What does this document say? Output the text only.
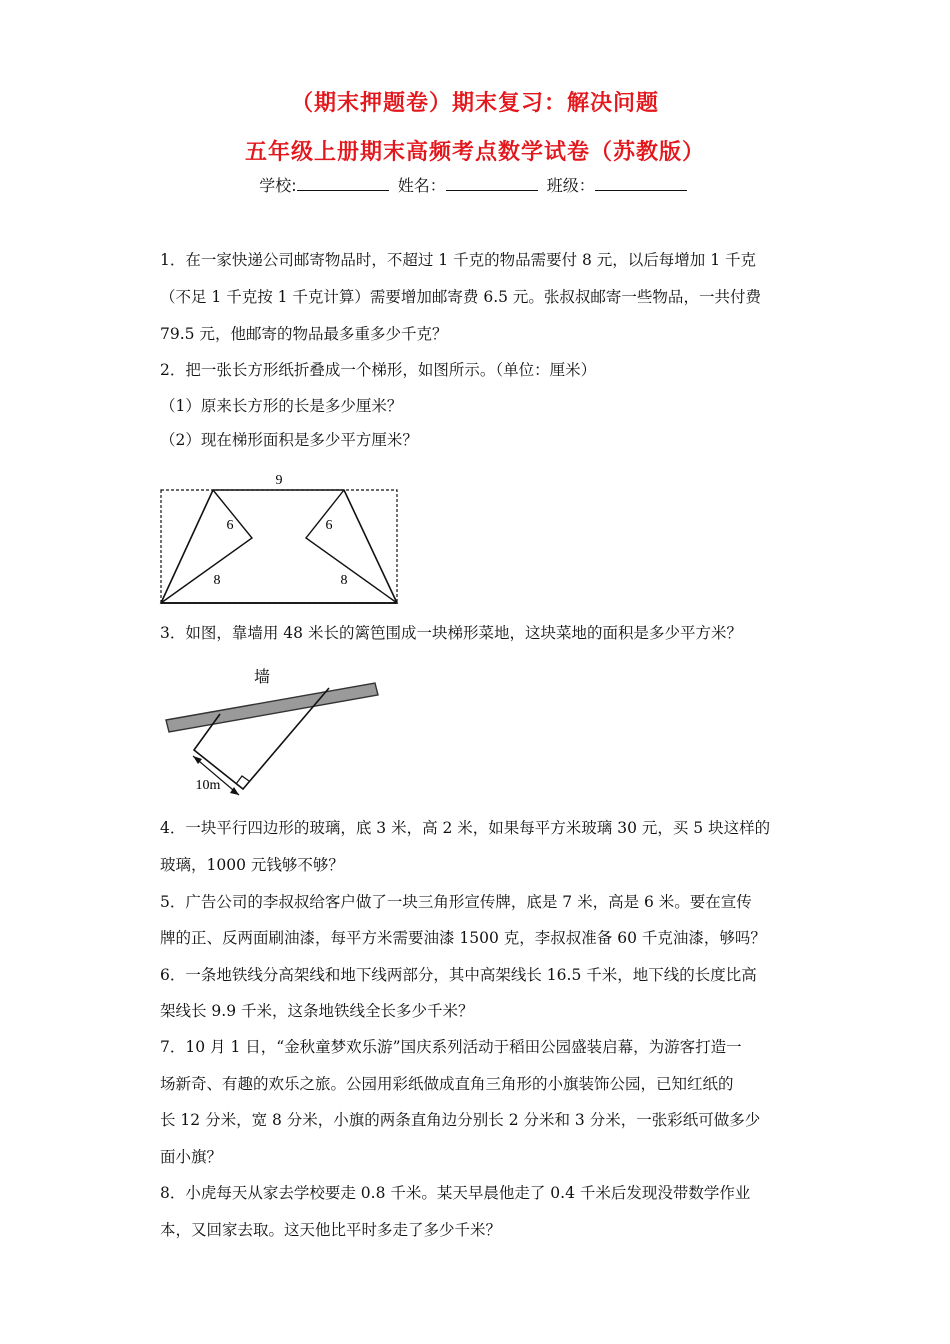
（期末押题卷）期末复习：解决问题
五年级上册期末高频考点数学试卷（苏教版）
学校:	姓名：	班级：
1．在一家快递公司邮寄物品时，不超过 1 千克的物品需要付 8 元，以后每增加 1 千克
（不足 1 千克按 1 千克计算）需要增加邮寄费 6.5 元。张叔叔邮寄一些物品，一共付费
79.5 元，他邮寄的物品最多重多少千克？
2．把一张长方形纸折叠成一个梯形，如图所示。（单位：厘米）
（1）原来长方形的长是多少厘米？
（2）现在梯形面积是多少平方厘米？
9
6
8
6
8
3．如图，靠墙用 48 米长的篱笆围成一块梯形菜地，这块菜地的面积是多少平方米？
墙
10m
4．一块平行四边形的玻璃，底 3 米，高 2 米，如果每平方米玻璃 30 元，买 5 块这样的
玻璃，1000 元钱够不够？
5．广告公司的李叔叔给客户做了一块三角形宣传牌，底是 7 米，高是 6 米。要在宣传
牌的正、反两面刷油漆，每平方米需要油漆 1500 克，李叔叔准备 60 千克油漆，够吗？
6．一条地铁线分高架线和地下线两部分，其中高架线长 16.5 千米，地下线的长度比高
架线长 9.9 千米，这条地铁线全长多少千米？
7．10 月 1 日，“金秋童梦欢乐游”国庆系列活动于稻田公园盛装启幕，为游客打造一
场新奇、有趣的欢乐之旅。公园用彩纸做成直角三角形的小旗装饰公园，已知红纸的
长 12 分米，宽 8 分米，小旗的两条直角边分别长 2 分米和 3 分米，一张彩纸可做多少
面小旗？
8．小虎每天从家去学校要走 0.8 千米。某天早晨他走了 0.4 千米后发现没带数学作业
本，又回家去取。这天他比平时多走了多少千米？
